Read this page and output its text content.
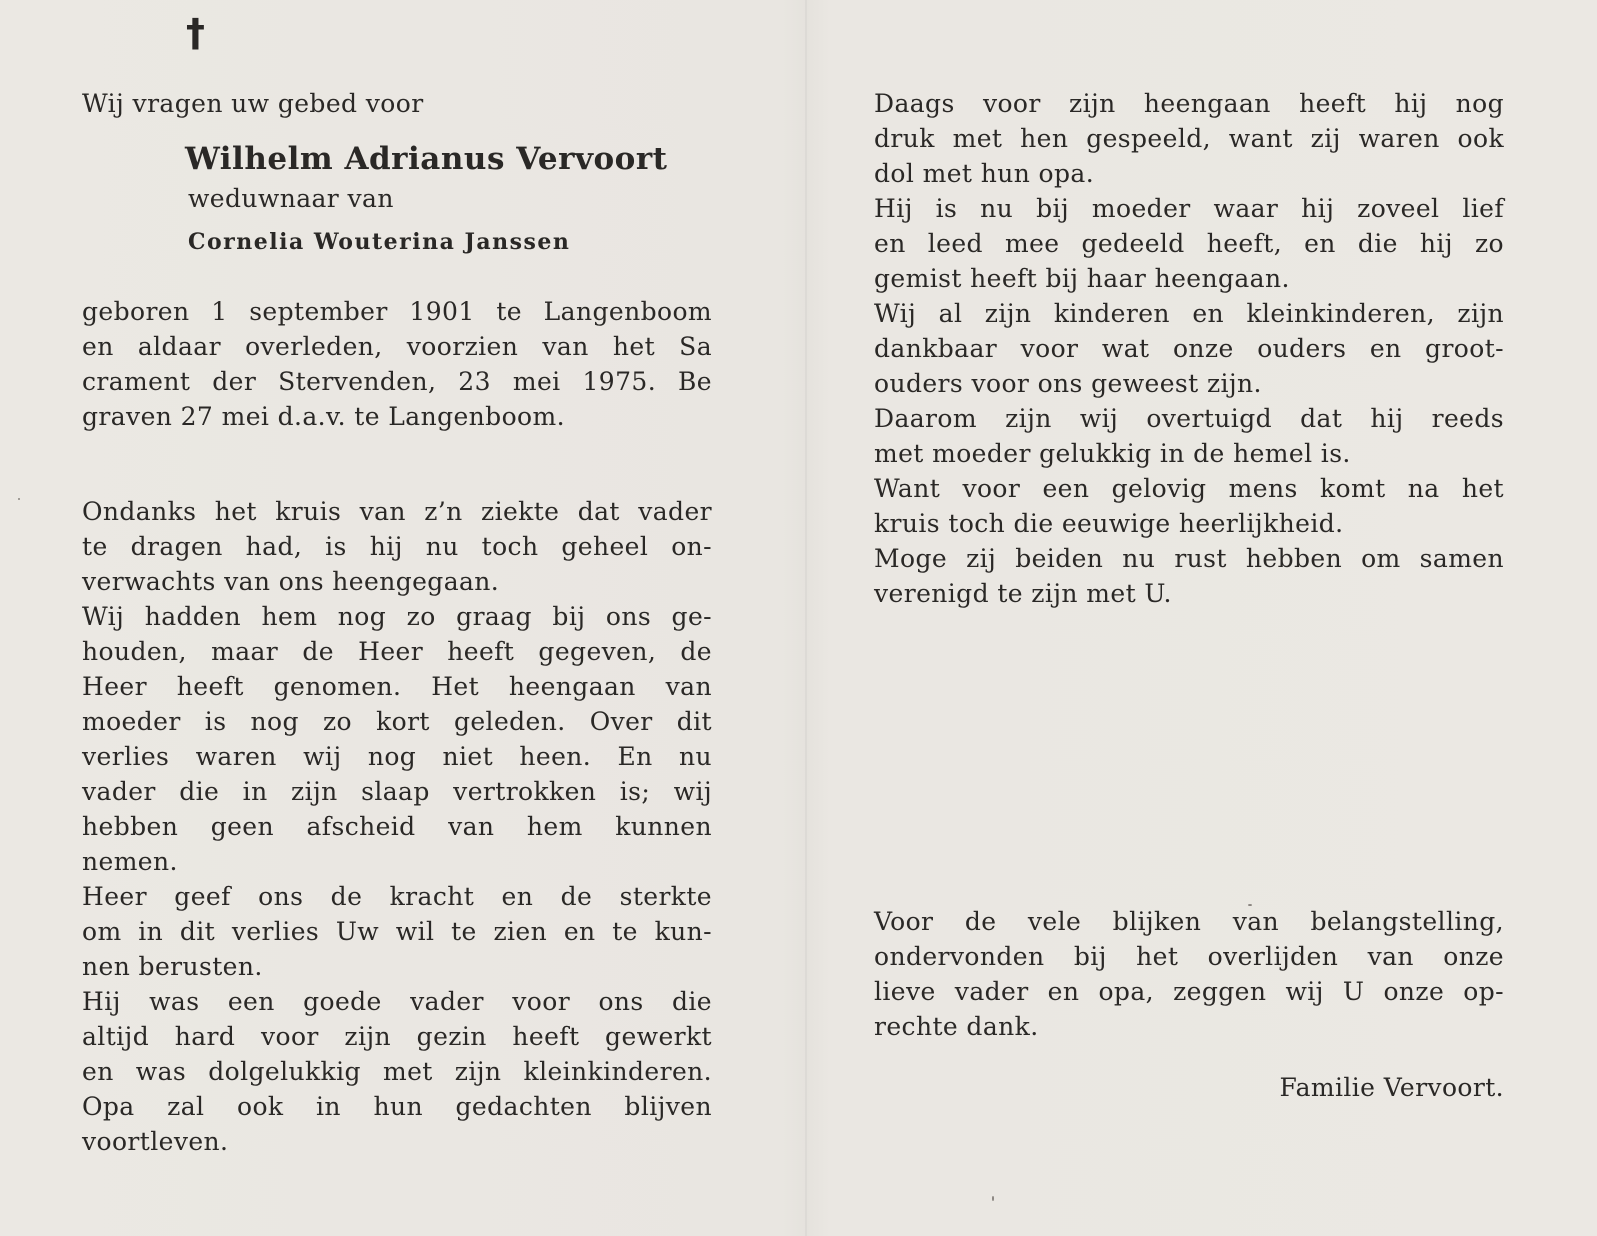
†
Wij vragen uw gebed voor
Wilhelm Adrianus Vervoort
weduwnaar van
Cornelia Wouterina Janssen
geboren 1 september 1901 te Langenboom
en aldaar overleden, voorzien van het Sa
crament der Stervenden, 23 mei 1975. Be
graven 27 mei d.a.v. te Langenboom.
Ondanks het kruis van z’n ziekte dat vader
te dragen had, is hij nu toch geheel on-
verwachts van ons heengegaan.
Wij hadden hem nog zo graag bij ons ge-
houden, maar de Heer heeft gegeven, de
Heer heeft genomen. Het heengaan van
moeder is nog zo kort geleden. Over dit
verlies waren wij nog niet heen. En nu
vader die in zijn slaap vertrokken is; wij
hebben geen afscheid van hem kunnen
nemen.
Heer geef ons de kracht en de sterkte
om in dit verlies Uw wil te zien en te kun-
nen berusten.
Hij was een goede vader voor ons die
altijd hard voor zijn gezin heeft gewerkt
en was dolgelukkig met zijn kleinkinderen.
Opa zal ook in hun gedachten blijven
voortleven.
Daags voor zijn heengaan heeft hij nog
druk met hen gespeeld, want zij waren ook
dol met hun opa.
Hij is nu bij moeder waar hij zoveel lief
en leed mee gedeeld heeft, en die hij zo
gemist heeft bij haar heengaan.
Wij al zijn kinderen en kleinkinderen, zijn
dankbaar voor wat onze ouders en groot-
ouders voor ons geweest zijn.
Daarom zijn wij overtuigd dat hij reeds
met moeder gelukkig in de hemel is.
Want voor een gelovig mens komt na het
kruis toch die eeuwige heerlijkheid.
Moge zij beiden nu rust hebben om samen
verenigd te zijn met U.
Voor de vele blijken van belangstelling,
ondervonden bij het overlijden van onze
lieve vader en opa, zeggen wij U onze op-
rechte dank.
Familie Vervoort.
